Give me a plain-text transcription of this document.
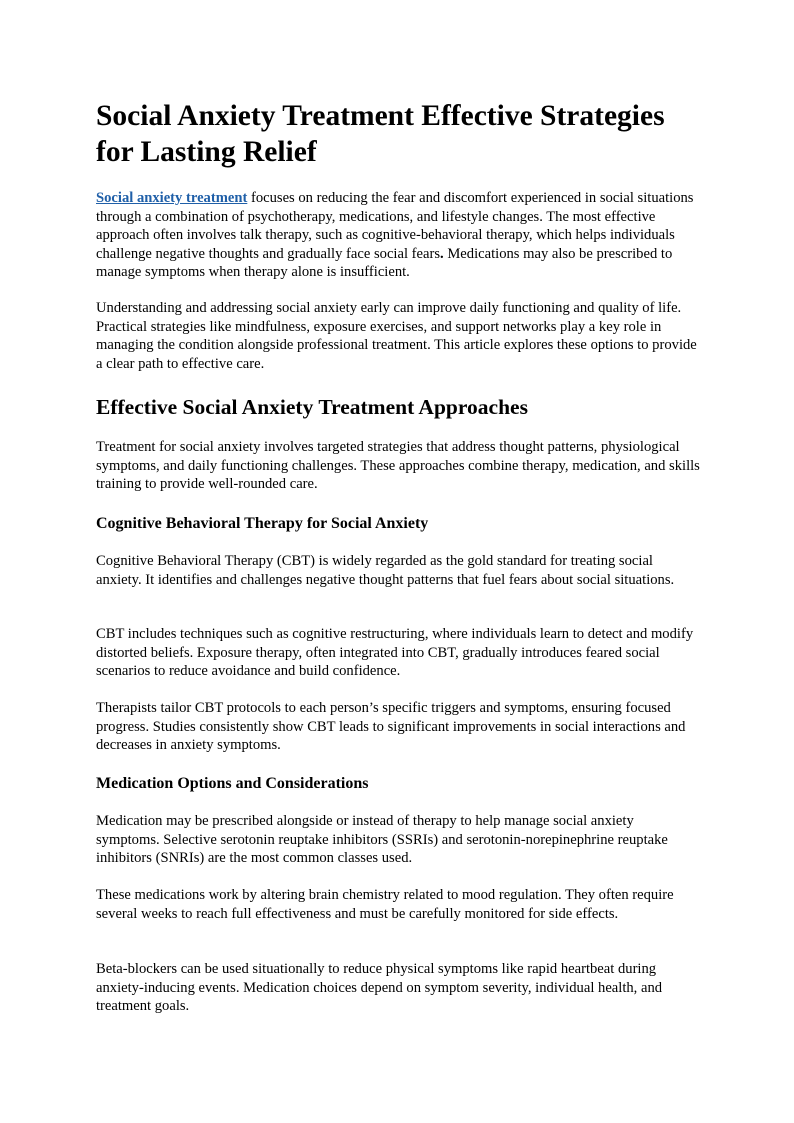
Social Anxiety Treatment Effective Strategies for Lasting Relief

Social anxiety treatment focuses on reducing the fear and discomfort experienced in social situations through a combination of psychotherapy, medications, and lifestyle changes. The most effective approach often involves talk therapy, such as cognitive-behavioral therapy, which helps individuals challenge negative thoughts and gradually face social fears. Medications may also be prescribed to manage symptoms when therapy alone is insufficient.

Understanding and addressing social anxiety early can improve daily functioning and quality of life. Practical strategies like mindfulness, exposure exercises, and support networks play a key role in managing the condition alongside professional treatment. This article explores these options to provide a clear path to effective care.

Effective Social Anxiety Treatment Approaches

Treatment for social anxiety involves targeted strategies that address thought patterns, physiological symptoms, and daily functioning challenges. These approaches combine therapy, medication, and skills training to provide well-rounded care.

Cognitive Behavioral Therapy for Social Anxiety

Cognitive Behavioral Therapy (CBT) is widely regarded as the gold standard for treating social anxiety. It identifies and challenges negative thought patterns that fuel fears about social situations.

CBT includes techniques such as cognitive restructuring, where individuals learn to detect and modify distorted beliefs. Exposure therapy, often integrated into CBT, gradually introduces feared social scenarios to reduce avoidance and build confidence.

Therapists tailor CBT protocols to each person’s specific triggers and symptoms, ensuring focused progress. Studies consistently show CBT leads to significant improvements in social interactions and decreases in anxiety symptoms.

Medication Options and Considerations

Medication may be prescribed alongside or instead of therapy to help manage social anxiety symptoms. Selective serotonin reuptake inhibitors (SSRIs) and serotonin-norepinephrine reuptake inhibitors (SNRIs) are the most common classes used.

These medications work by altering brain chemistry related to mood regulation. They often require several weeks to reach full effectiveness and must be carefully monitored for side effects.

Beta-blockers can be used situationally to reduce physical symptoms like rapid heartbeat during anxiety-inducing events. Medication choices depend on symptom severity, individual health, and treatment goals.
